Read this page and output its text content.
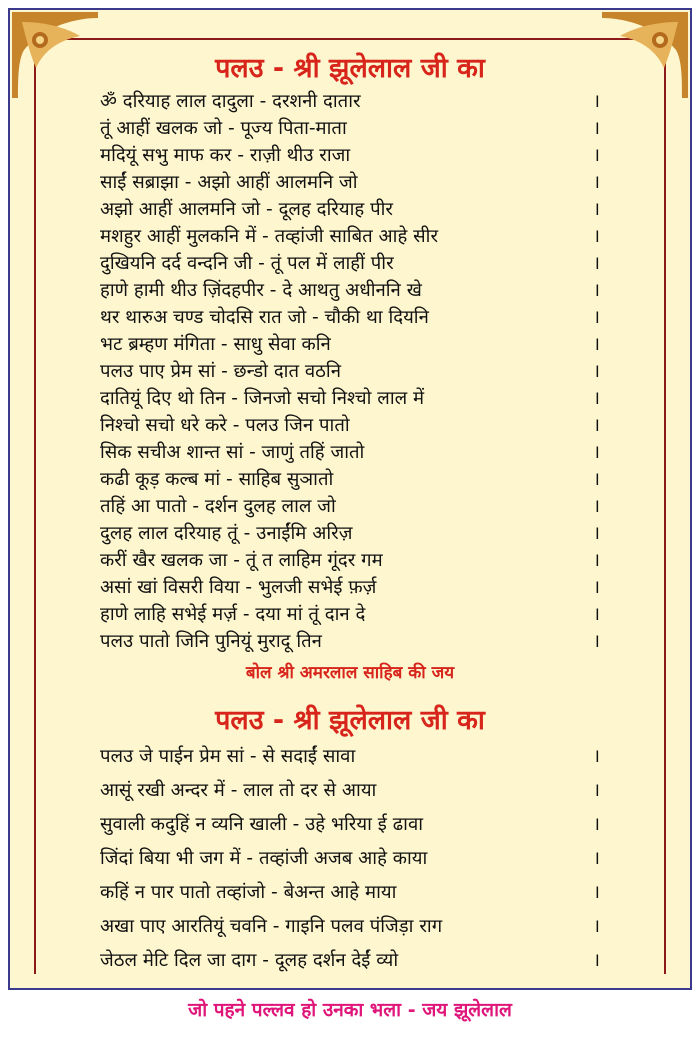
पलउ - श्री झूलेलाल जी का
ॐ दरियाह लाल दादुला - दरशनी दातार	।
तूं आहीं खलक जो - पूज्य पिता-माता	।
मदियूं सभु माफ कर - राज़ी थीउ राजा	।
साईं सब्राझा - अझो आहीं आलमनि जो	।
अझो आहीं आलमनि जो - दूलह दरियाह पीर	।
मशहुर आहीं मुलकनि में - तव्हांजी साबित आहे सीर	।
दुखियनि दर्द वन्दनि जी - तूं पल में लाहीं पीर	।
हाणे हामी थीउ ज़िंदहपीर - दे आथतु अधीननि खे	।
थर थारुअ चण्ड चोदसि रात जो - चौकी था दियनि	।
भट ब्रम्हण मंगिता - साधु सेवा कनि	।
पलउ पाए प्रेम सां - छन्डो दात वठनि	।
दातियूं दिए थो तिन - जिनजो सचो निश्चो लाल में	।
निश्चो सचो धरे करे - पलउ जिन पातो	।
सिक सचीअ शान्त सां - जाणुं तहिं जातो	।
कढी कूड़ कल्ब मां - साहिब सुञातो	।
तहिं आ पातो - दर्शन दुलह लाल जो	।
दुलह लाल दरियाह तूं - उनाईंमि अरिज़	।
करीं खैर खलक जा - तूं त लाहिम गूंदर गम	।
असां खां विसरी विया - भुलजी सभेई फ़र्ज़	।
हाणे लाहि सभेई मर्ज़ - दया मां तूं दान दे	।
पलउ पातो जिनि पुनियूं मुरादू तिन	।
बोल श्री अमरलाल साहिब की जय
पलउ - श्री झूलेलाल जी का
पलउ जे पाईन प्रेम सां - से सदाईं सावा	।
आसूं रखी अन्दर में - लाल तो दर से आया	।
सुवाली कदुहिं न व्यनि खाली - उहे भरिया ई ढावा	।
जिंदां बिया भी जग में - तव्हांजी अजब आहे काया	।
कहिं न पार पातो तव्हांजो - बेअन्त आहे माया	।
अखा पाए आरतियूं चवनि - गाइनि पलव पंजिड़ा राग	।
जेठल मेटि दिल जा दाग - दूलह दर्शन देईं व्यो	।
जो पहने पल्लव हो उनका भला - जय झूलेलाल
